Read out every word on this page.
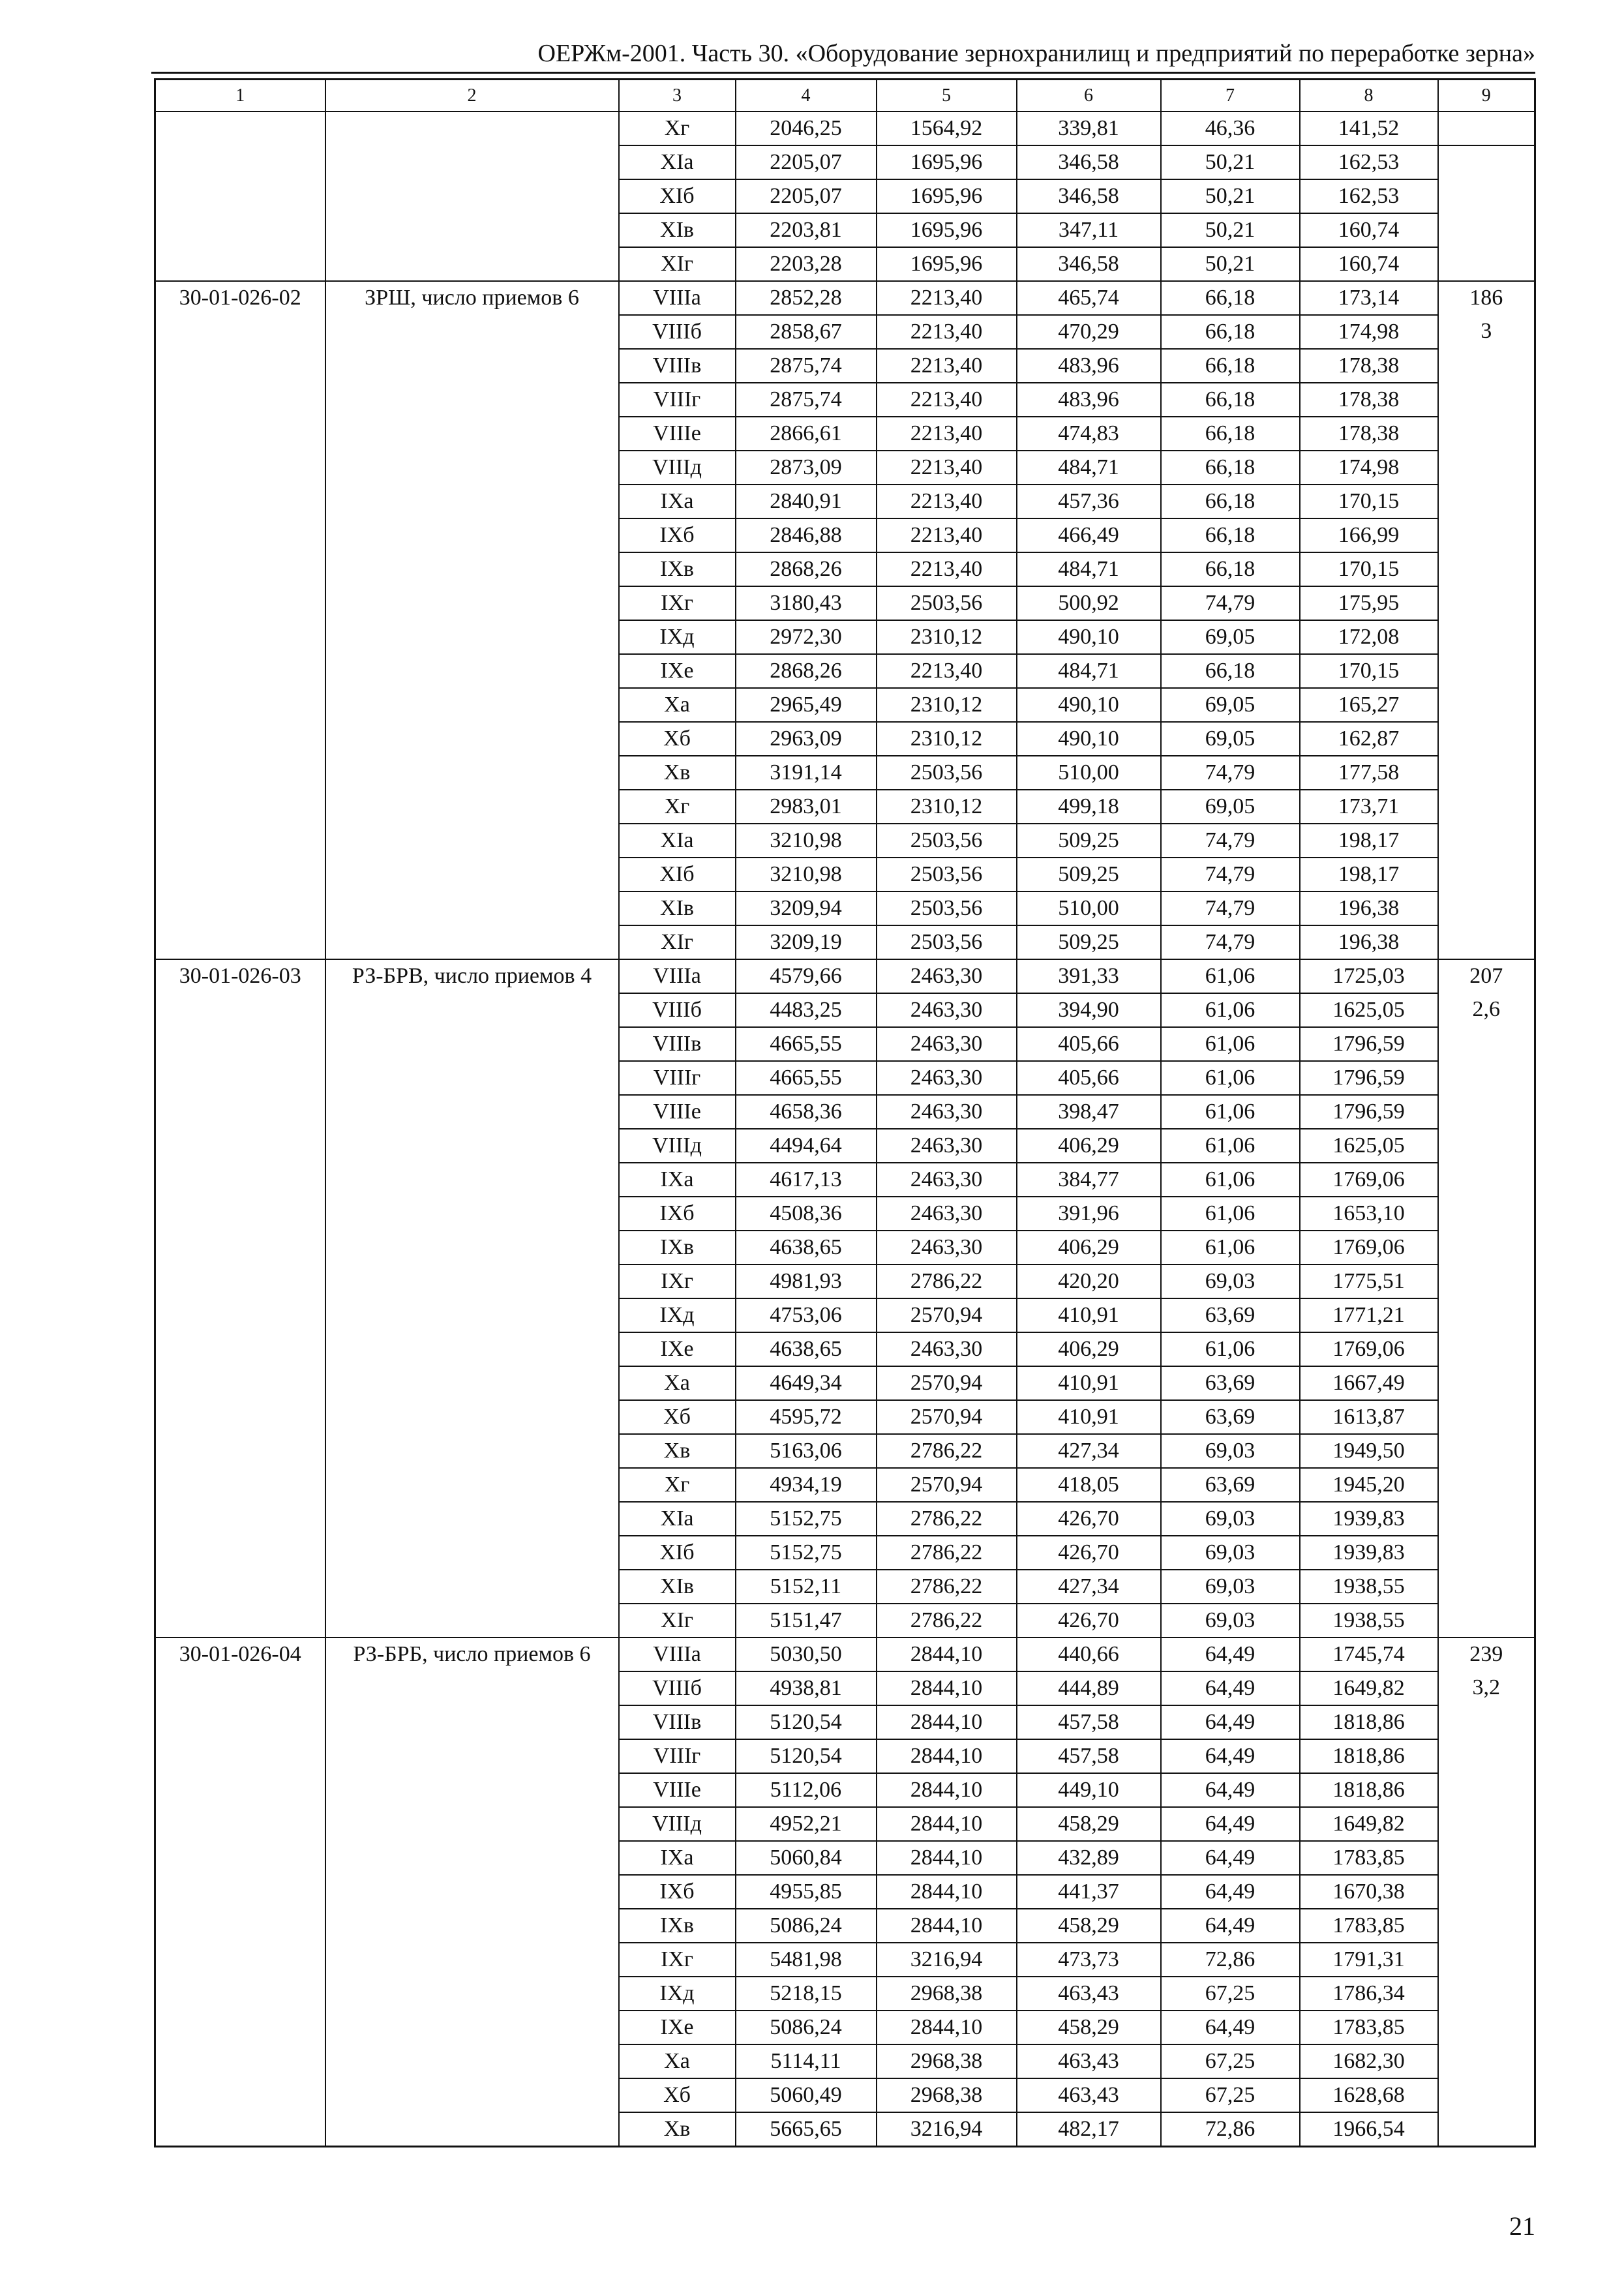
ОЕРЖм-2001. Часть 30. «Оборудование зернохранилищ и предприятий по переработке зерна»
1	2	3	4	5	6	7	8	9
		Хг	2046,25	1564,92	339,81	46,36	141,52	
		ХIа	2205,07	1695,96	346,58	50,21	162,53	
		ХIб	2205,07	1695,96	346,58	50,21	162,53	
		ХIв	2203,81	1695,96	347,11	50,21	160,74	
		ХIг	2203,28	1695,96	346,58	50,21	160,74	
30-01-026-02	ЗРШ, число приемов 6	VIIIа	2852,28	2213,40	465,74	66,18	173,14	186
		VIIIб	2858,67	2213,40	470,29	66,18	174,98	3
		VIIIв	2875,74	2213,40	483,96	66,18	178,38	
		VIIIг	2875,74	2213,40	483,96	66,18	178,38	
		VIIIе	2866,61	2213,40	474,83	66,18	178,38	
		VIIIд	2873,09	2213,40	484,71	66,18	174,98	
		IХа	2840,91	2213,40	457,36	66,18	170,15	
		IХб	2846,88	2213,40	466,49	66,18	166,99	
		IХв	2868,26	2213,40	484,71	66,18	170,15	
		IХг	3180,43	2503,56	500,92	74,79	175,95	
		IХд	2972,30	2310,12	490,10	69,05	172,08	
		IХе	2868,26	2213,40	484,71	66,18	170,15	
		Ха	2965,49	2310,12	490,10	69,05	165,27	
		Хб	2963,09	2310,12	490,10	69,05	162,87	
		Хв	3191,14	2503,56	510,00	74,79	177,58	
		Хг	2983,01	2310,12	499,18	69,05	173,71	
		ХIа	3210,98	2503,56	509,25	74,79	198,17	
		ХIб	3210,98	2503,56	509,25	74,79	198,17	
		ХIв	3209,94	2503,56	510,00	74,79	196,38	
		ХIг	3209,19	2503,56	509,25	74,79	196,38	
30-01-026-03	РЗ-БРВ, число приемов 4	VIIIа	4579,66	2463,30	391,33	61,06	1725,03	207
		VIIIб	4483,25	2463,30	394,90	61,06	1625,05	2,6
		VIIIв	4665,55	2463,30	405,66	61,06	1796,59	
		VIIIг	4665,55	2463,30	405,66	61,06	1796,59	
		VIIIе	4658,36	2463,30	398,47	61,06	1796,59	
		VIIIд	4494,64	2463,30	406,29	61,06	1625,05	
		IХа	4617,13	2463,30	384,77	61,06	1769,06	
		IХб	4508,36	2463,30	391,96	61,06	1653,10	
		IХв	4638,65	2463,30	406,29	61,06	1769,06	
		IХг	4981,93	2786,22	420,20	69,03	1775,51	
		IХд	4753,06	2570,94	410,91	63,69	1771,21	
		IХе	4638,65	2463,30	406,29	61,06	1769,06	
		Ха	4649,34	2570,94	410,91	63,69	1667,49	
		Хб	4595,72	2570,94	410,91	63,69	1613,87	
		Хв	5163,06	2786,22	427,34	69,03	1949,50	
		Хг	4934,19	2570,94	418,05	63,69	1945,20	
		ХIа	5152,75	2786,22	426,70	69,03	1939,83	
		ХIб	5152,75	2786,22	426,70	69,03	1939,83	
		ХIв	5152,11	2786,22	427,34	69,03	1938,55	
		ХIг	5151,47	2786,22	426,70	69,03	1938,55	
30-01-026-04	РЗ-БРБ, число приемов 6	VIIIа	5030,50	2844,10	440,66	64,49	1745,74	239
		VIIIб	4938,81	2844,10	444,89	64,49	1649,82	3,2
		VIIIв	5120,54	2844,10	457,58	64,49	1818,86	
		VIIIг	5120,54	2844,10	457,58	64,49	1818,86	
		VIIIе	5112,06	2844,10	449,10	64,49	1818,86	
		VIIIд	4952,21	2844,10	458,29	64,49	1649,82	
		IХа	5060,84	2844,10	432,89	64,49	1783,85	
		IХб	4955,85	2844,10	441,37	64,49	1670,38	
		IХв	5086,24	2844,10	458,29	64,49	1783,85	
		IХг	5481,98	3216,94	473,73	72,86	1791,31	
		IХд	5218,15	2968,38	463,43	67,25	1786,34	
		IХе	5086,24	2844,10	458,29	64,49	1783,85	
		Ха	5114,11	2968,38	463,43	67,25	1682,30	
		Хб	5060,49	2968,38	463,43	67,25	1628,68	
		Хв	5665,65	3216,94	482,17	72,86	1966,54	
21
